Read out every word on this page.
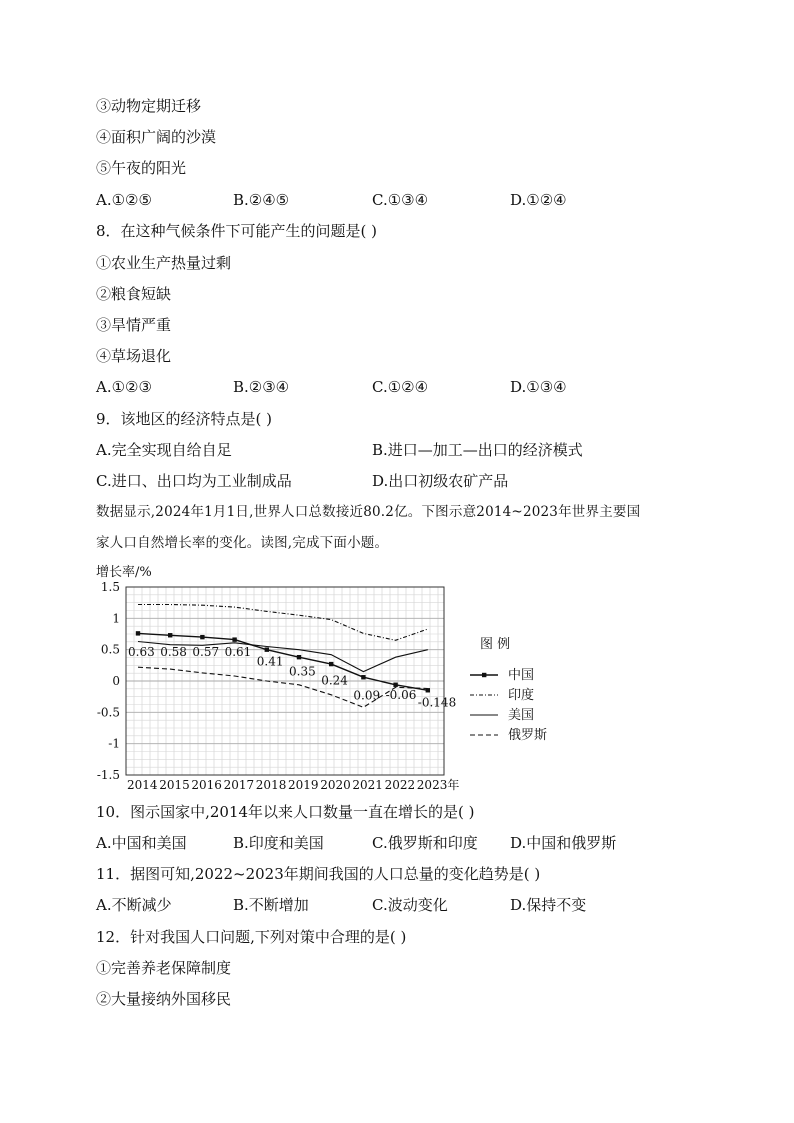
③动物定期迁移
④面积广阔的沙漠
⑤午夜的阳光
A.①②⑤	B.②④⑤	C.①③④	D.①②④
8．在这种气候条件下可能产生的问题是( )
①农业生产热量过剩
②粮食短缺
③旱情严重
④草场退化
A.①②③	B.②③④	C.①②④	D.①③④
9．该地区的经济特点是( )
A.完全实现自给自足	B.进口—加工—出口的经济模式
C.进口、出口均为工业制成品	D.出口初级农矿产品
数据显示,2024年1月1日,世界人口总数接近80.2亿。下图示意2014~2023年世界主要国
家人口自然增长率的变化。读图,完成下面小题。
增长率/%
1.5
1
0.5
0
-0.5
-1
-1.5
2014 2015 2016 2017 2018 2019 2020 2021 2022 2023年
0.63 0.58 0.57 0.61
0.41
0.35
0.24
0.09 -0.06
-0.148
图 例
中国
印度
美国
俄罗斯
10．图示国家中,2014年以来人口数量一直在增长的是( )
A.中国和美国	B.印度和美国	C.俄罗斯和印度 D.中国和俄罗斯
11．据图可知,2022~2023年期间我国的人口总量的变化趋势是( )
A.不断减少	B.不断增加	C.波动变化	D.保持不变
12．针对我国人口问题,下列对策中合理的是( )
①完善养老保障制度
②大量接纳外国移民
